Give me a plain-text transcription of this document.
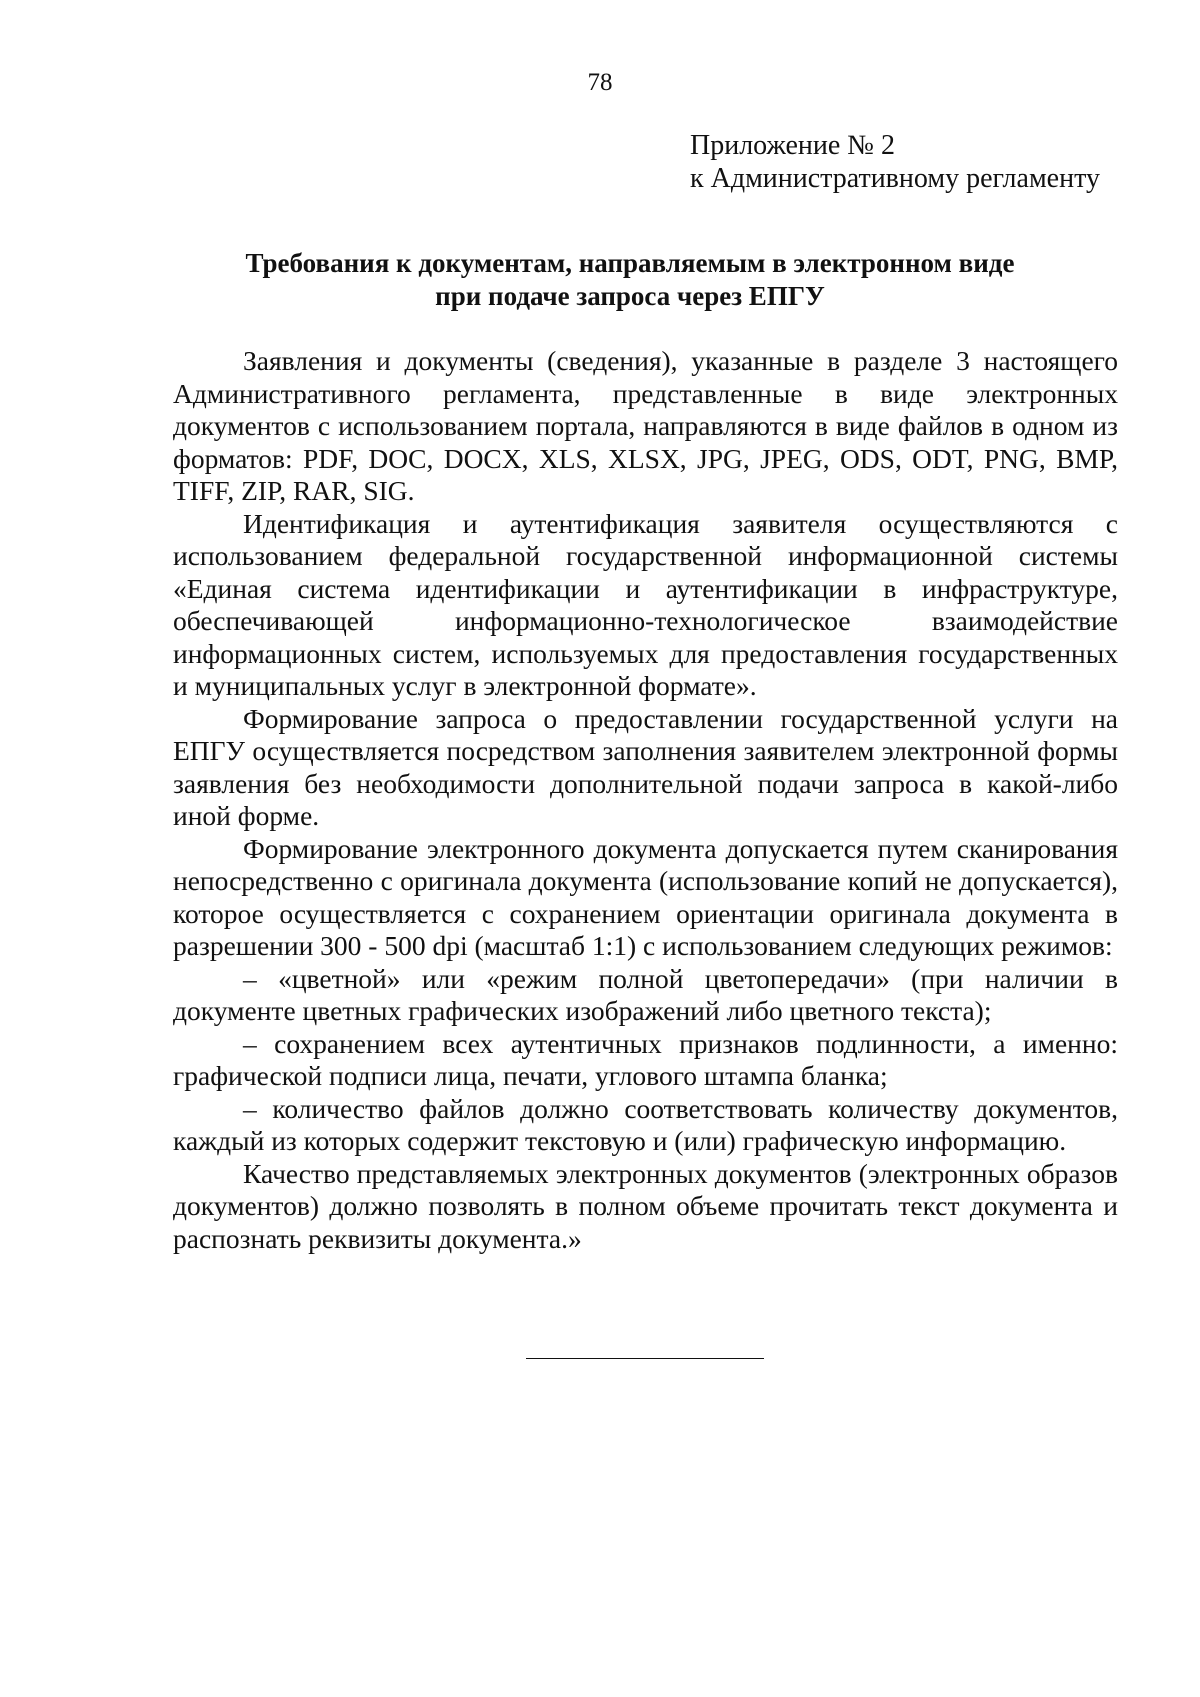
78
Приложение № 2
к Административному регламенту
Требования к документам, направляемым в электронном виде
при подаче запроса через ЕПГУ

Заявления и документы (сведения), указанные в разделе 3 настоящего Административного регламента, представленные в виде электронных документов с использованием портала, направляются в виде файлов в одном из форматов: PDF, DOC, DOCX, XLS, XLSX, JPG, JPEG, ODS, ODT, PNG, BMP, TIFF, ZIP, RAR, SIG.

Идентификация и аутентификация заявителя осуществляются с использованием федеральной государственной информационной системы «Единая система идентификации и аутентификации в инфраструктуре, обеспечивающей информационно-технологическое взаимодействие информационных систем, используемых для предоставления государственных и муниципальных услуг в электронной формате».

Формирование запроса о предоставлении государственной услуги на ЕПГУ осуществляется посредством заполнения заявителем электронной формы заявления без необходимости дополнительной подачи запроса в какой-либо иной форме.

Формирование электронного документа допускается путем сканирования непосредственно с оригинала документа (использование копий не допускается), которое осуществляется с сохранением ориентации оригинала документа в разрешении 300 - 500 dpi (масштаб 1:1) с использованием следующих режимов:

– «цветной» или «режим полной цветопередачи» (при наличии в документе цветных графических изображений либо цветного текста);

– сохранением всех аутентичных признаков подлинности, а именно: графической подписи лица, печати, углового штампа бланка;

– количество файлов должно соответствовать количеству документов, каждый из которых содержит текстовую и (или) графическую информацию.

Качество представляемых электронных документов (электронных образов документов) должно позволять в полном объеме прочитать текст документа и распознать реквизиты документа.»
